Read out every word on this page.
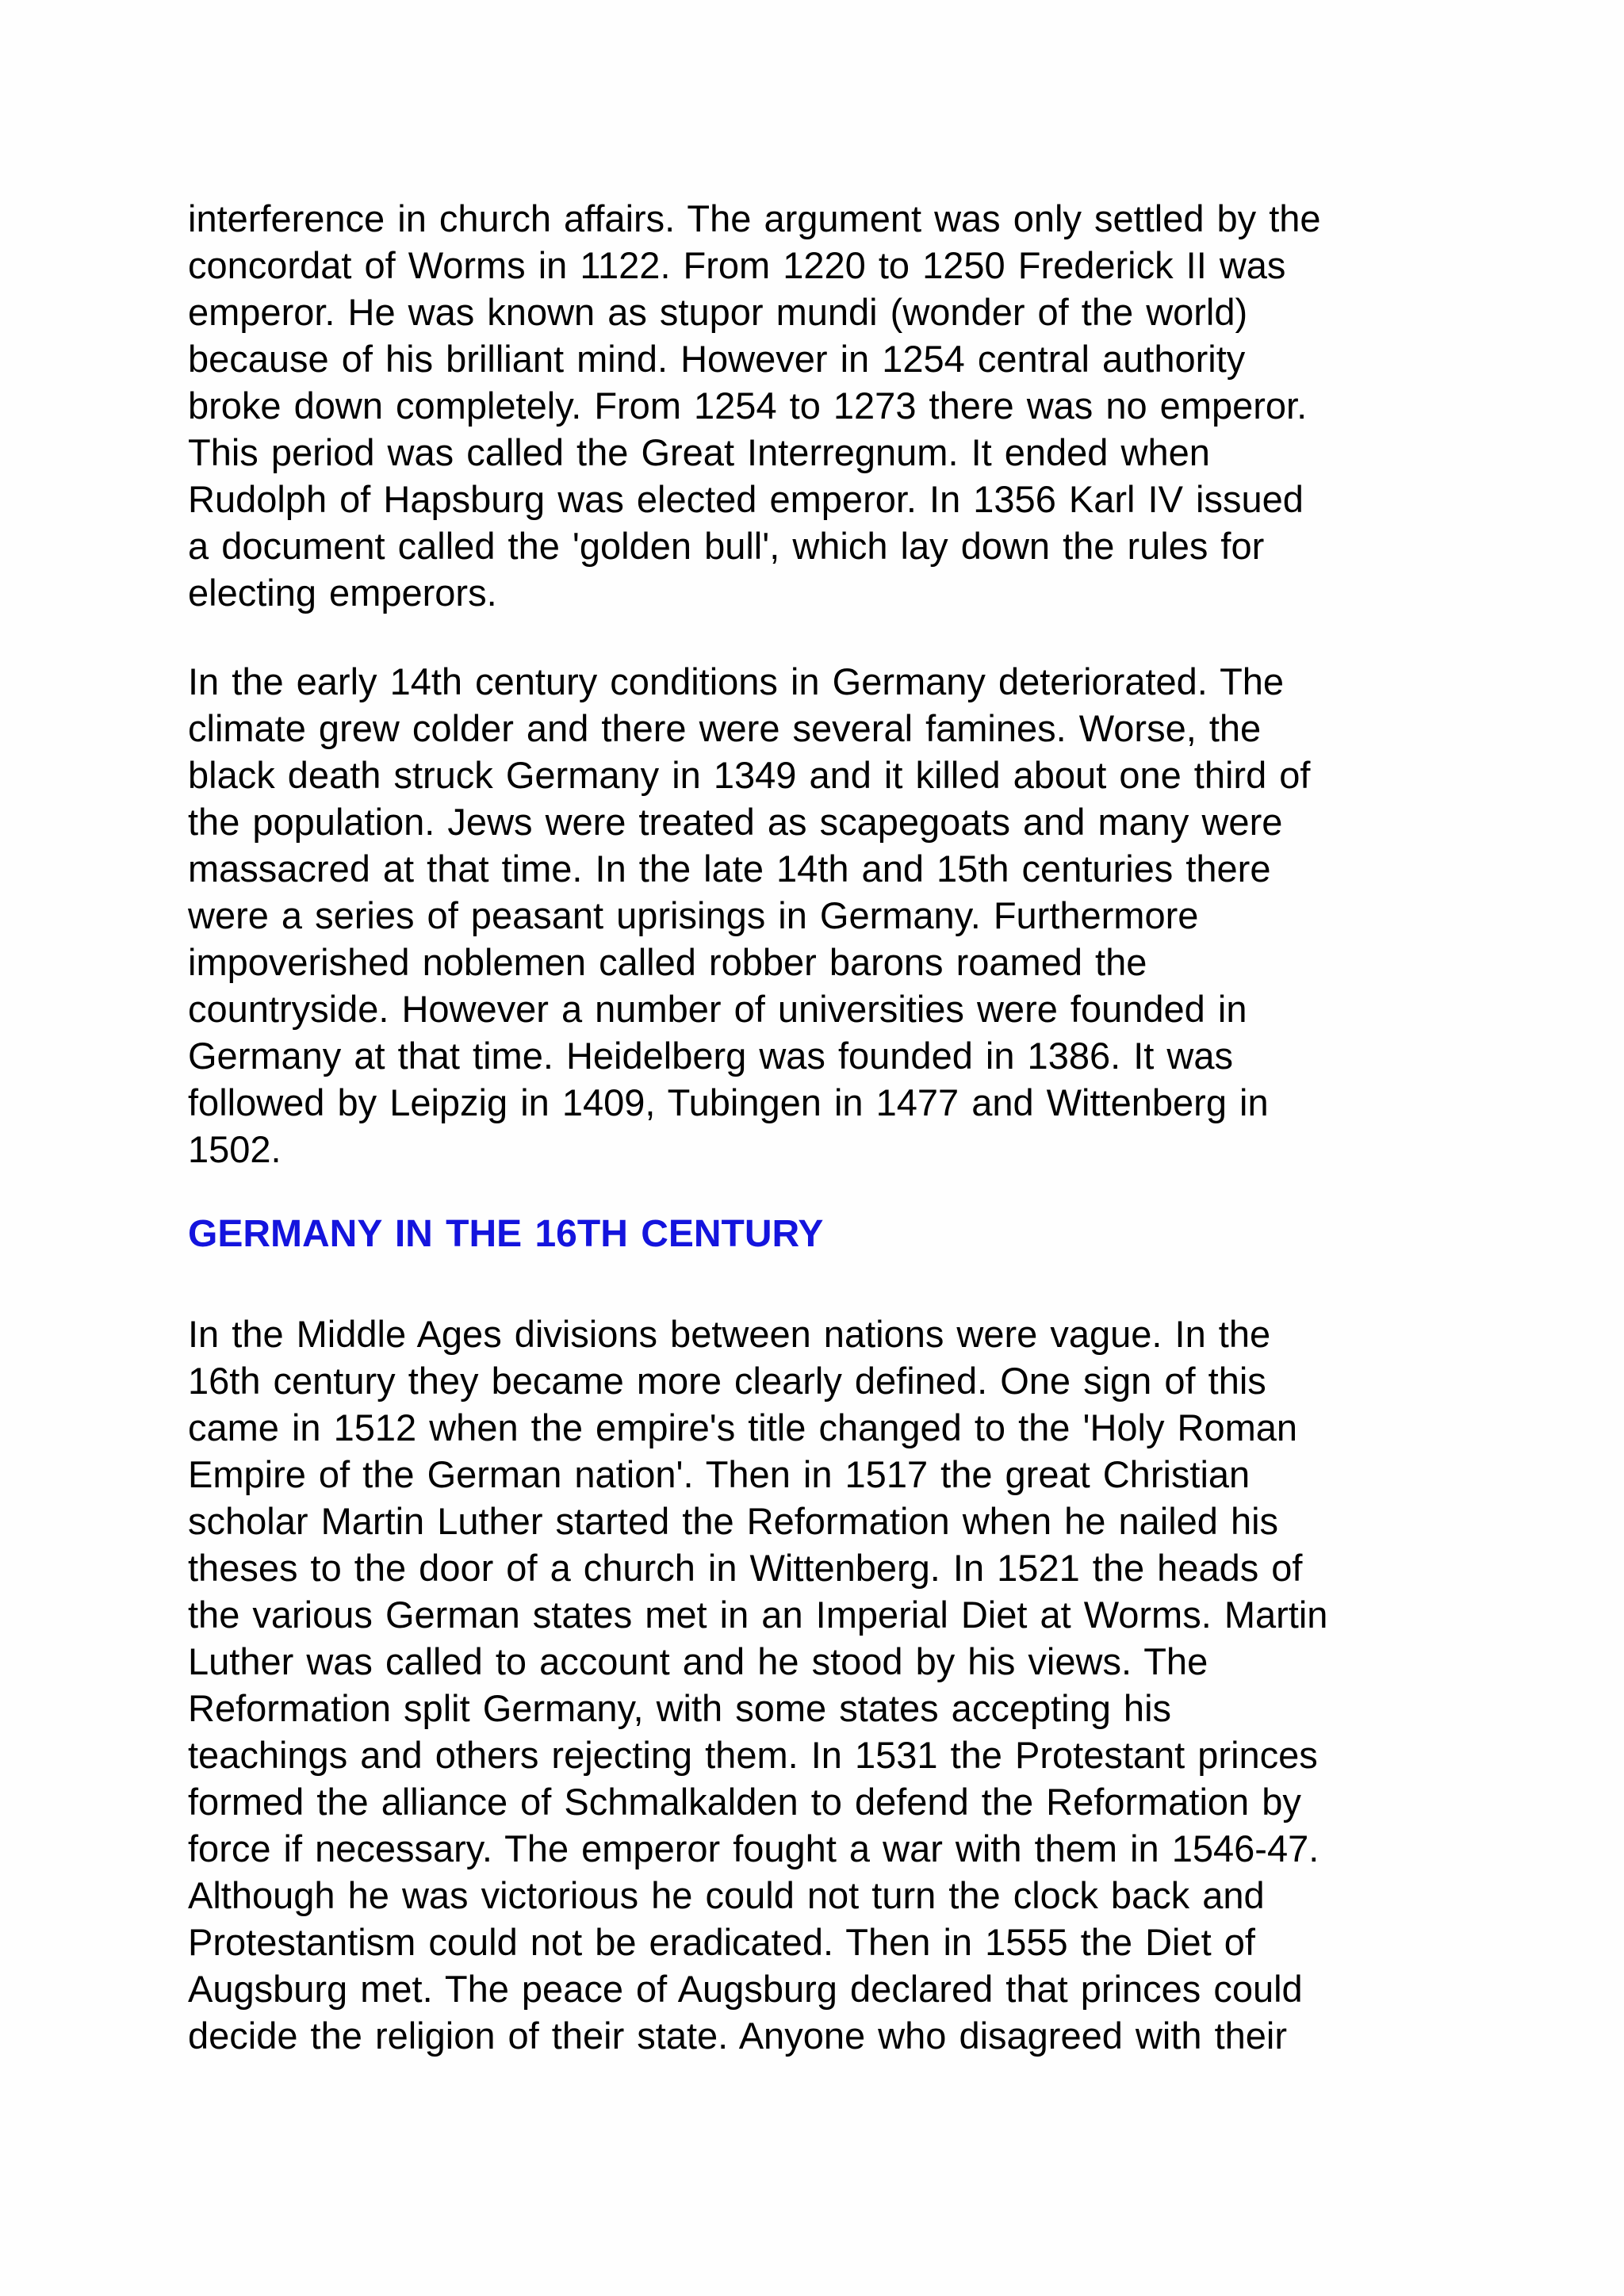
interference in church affairs. The argument was only settled by the
concordat of Worms in 1122. From 1220 to 1250 Frederick II was
emperor. He was known as stupor mundi (wonder of the world)
because of his brilliant mind. However in 1254 central authority
broke down completely. From 1254 to 1273 there was no emperor.
This period was called the Great Interregnum. It ended when
Rudolph of Hapsburg was elected emperor. In 1356 Karl IV issued
a document called the 'golden bull', which lay down the rules for
electing emperors.
In the early 14th century conditions in Germany deteriorated. The
climate grew colder and there were several famines. Worse, the
black death struck Germany in 1349 and it killed about one third of
the population. Jews were treated as scapegoats and many were
massacred at that time. In the late 14th and 15th centuries there
were a series of peasant uprisings in Germany. Furthermore
impoverished noblemen called robber barons roamed the
countryside. However a number of universities were founded in
Germany at that time. Heidelberg was founded in 1386. It was
followed by Leipzig in 1409, Tubingen in 1477 and Wittenberg in
1502.
GERMANY IN THE 16TH CENTURY
In the Middle Ages divisions between nations were vague. In the
16th century they became more clearly defined. One sign of this
came in 1512 when the empire's title changed to the 'Holy Roman
Empire of the German nation'. Then in 1517 the great Christian
scholar Martin Luther started the Reformation when he nailed his
theses to the door of a church in Wittenberg. In 1521 the heads of
the various German states met in an Imperial Diet at Worms. Martin
Luther was called to account and he stood by his views. The
Reformation split Germany, with some states accepting his
teachings and others rejecting them. In 1531 the Protestant princes
formed the alliance of Schmalkalden to defend the Reformation by
force if necessary. The emperor fought a war with them in 1546-47.
Although he was victorious he could not turn the clock back and
Protestantism could not be eradicated. Then in 1555 the Diet of
Augsburg met. The peace of Augsburg declared that princes could
decide the religion of their state. Anyone who disagreed with their
